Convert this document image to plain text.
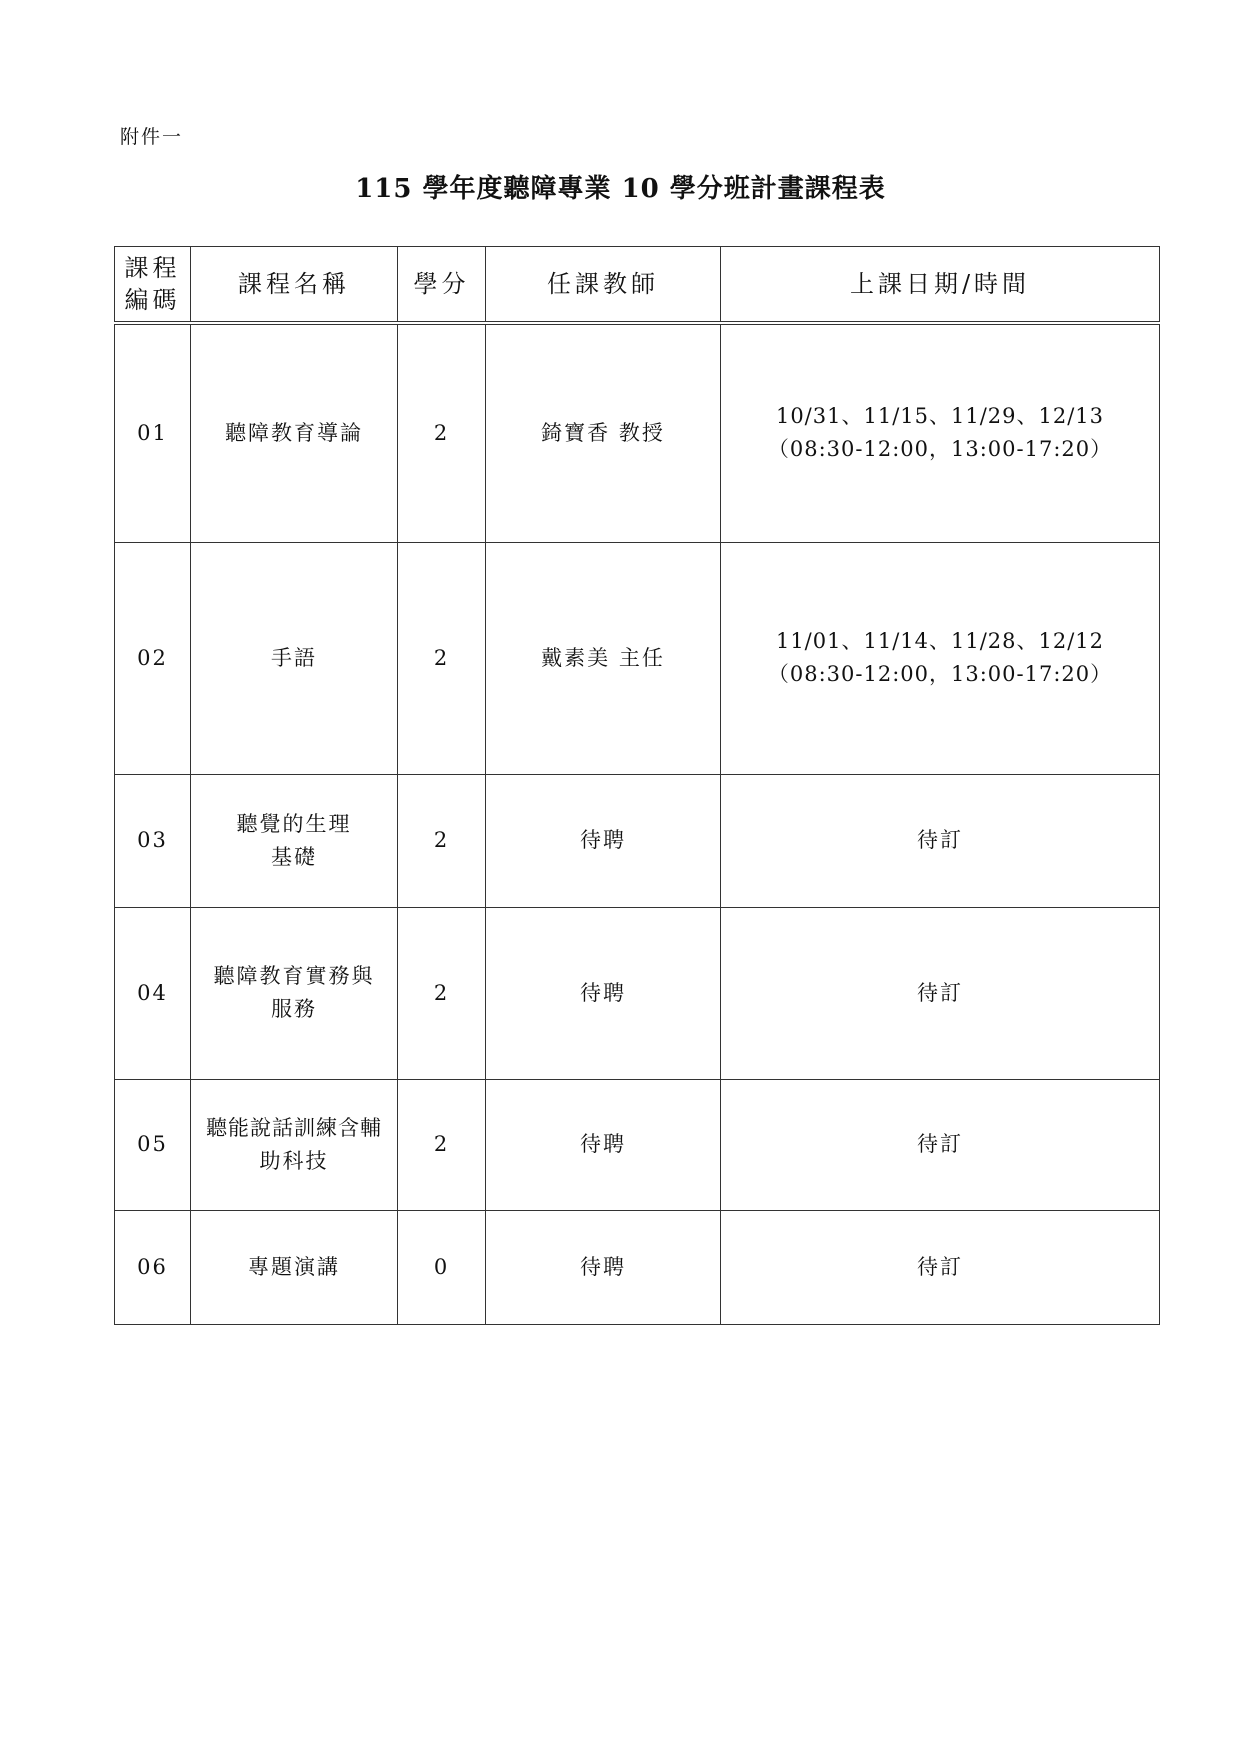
附件一
115 學年度聽障專業 10 學分班計畫課程表
課程
編碼	課程名稱	學分	任課教師	上課日期/時間
01	聽障教育導論	2	錡寶香 教授	10/31、11/15、11/29、12/13
（08:30-12:00，13:00-17:20）

02	手語	2	戴素美 主任	11/01、11/14、11/28、12/12
（08:30-12:00，13:00-17:20）

03	聽覺的生理
基礎	2	待聘	待訂
04	聽障教育實務與
服務	2	待聘	待訂
05	聽能說話訓練含輔
助科技	2	待聘	待訂
06	專題演講	0	待聘	待訂
